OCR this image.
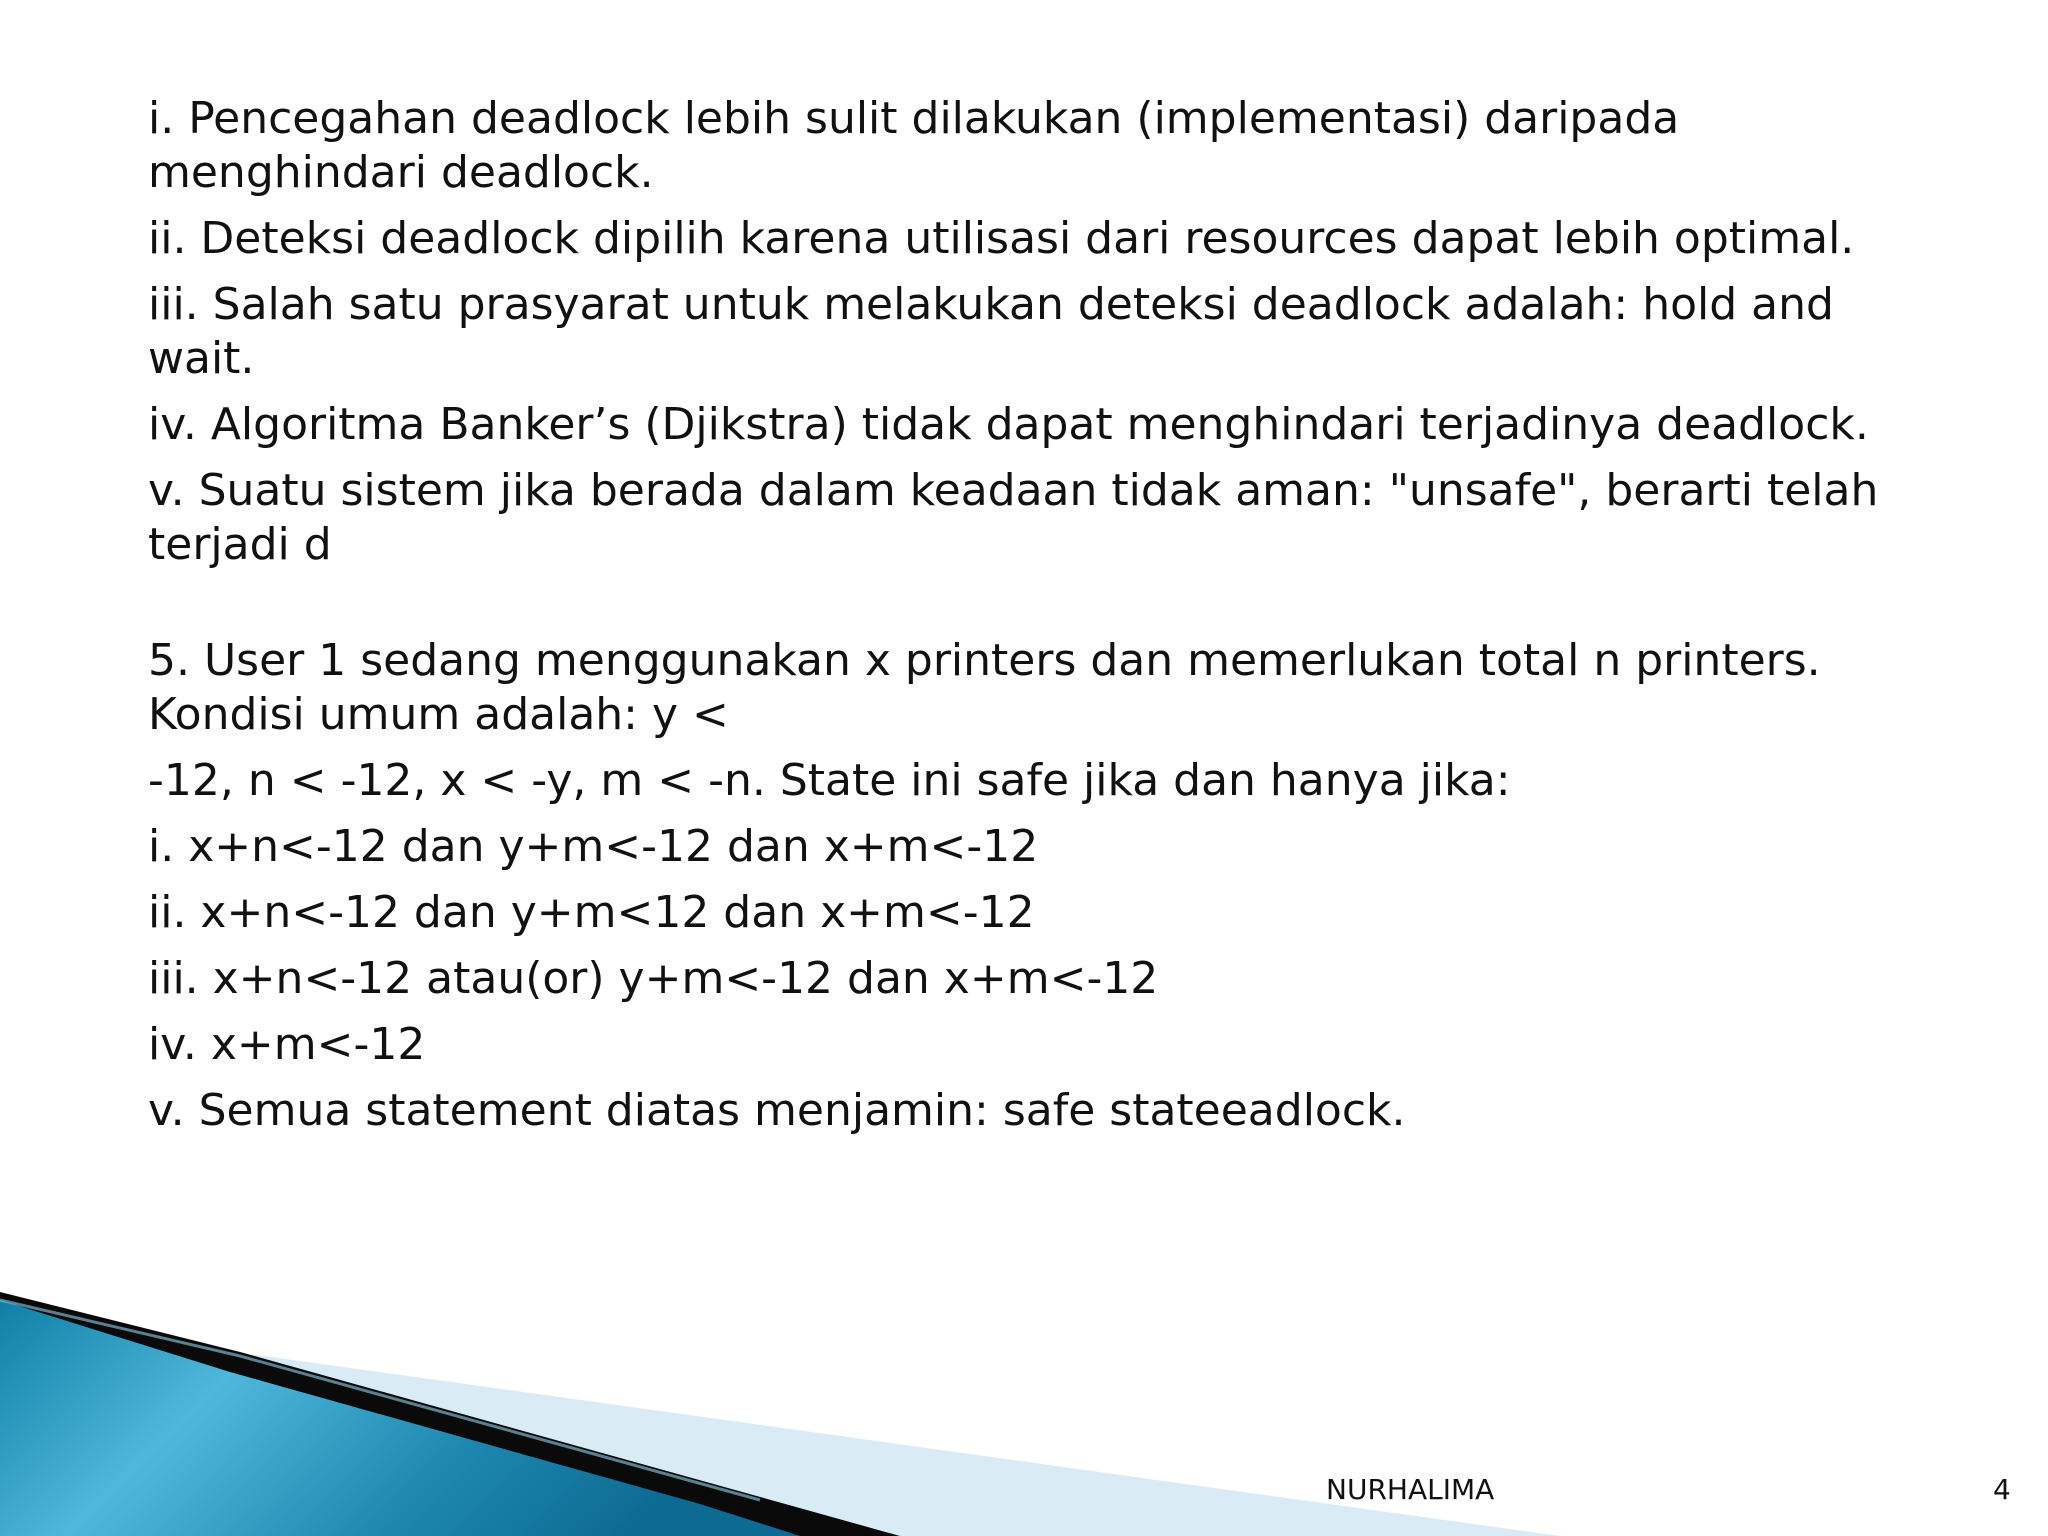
i. Pencegahan deadlock lebih sulit dilakukan (implementasi) daripada
menghindari deadlock.

ii. Deteksi deadlock dipilih karena utilisasi dari resources dapat lebih optimal.

iii. Salah satu prasyarat untuk melakukan deteksi deadlock adalah: hold and
wait.

iv. Algoritma Banker’s (Djikstra) tidak dapat menghindari terjadinya deadlock.

v. Suatu sistem jika berada dalam keadaan tidak aman: "unsafe", berarti telah
terjadi d

5. User 1 sedang menggunakan x printers dan memerlukan total n printers.
Kondisi umum adalah: y <

-12, n < -12, x < -y, m < -n. State ini safe jika dan hanya jika:

i. x+n<-12 dan y+m<-12 dan x+m<-12

ii. x+n<-12 dan y+m<12 dan x+m<-12

iii. x+n<-12 atau(or) y+m<-12 dan x+m<-12

iv. x+m<-12

v. Semua statement diatas menjamin: safe stateeadlock.

NURHALIMA	4
